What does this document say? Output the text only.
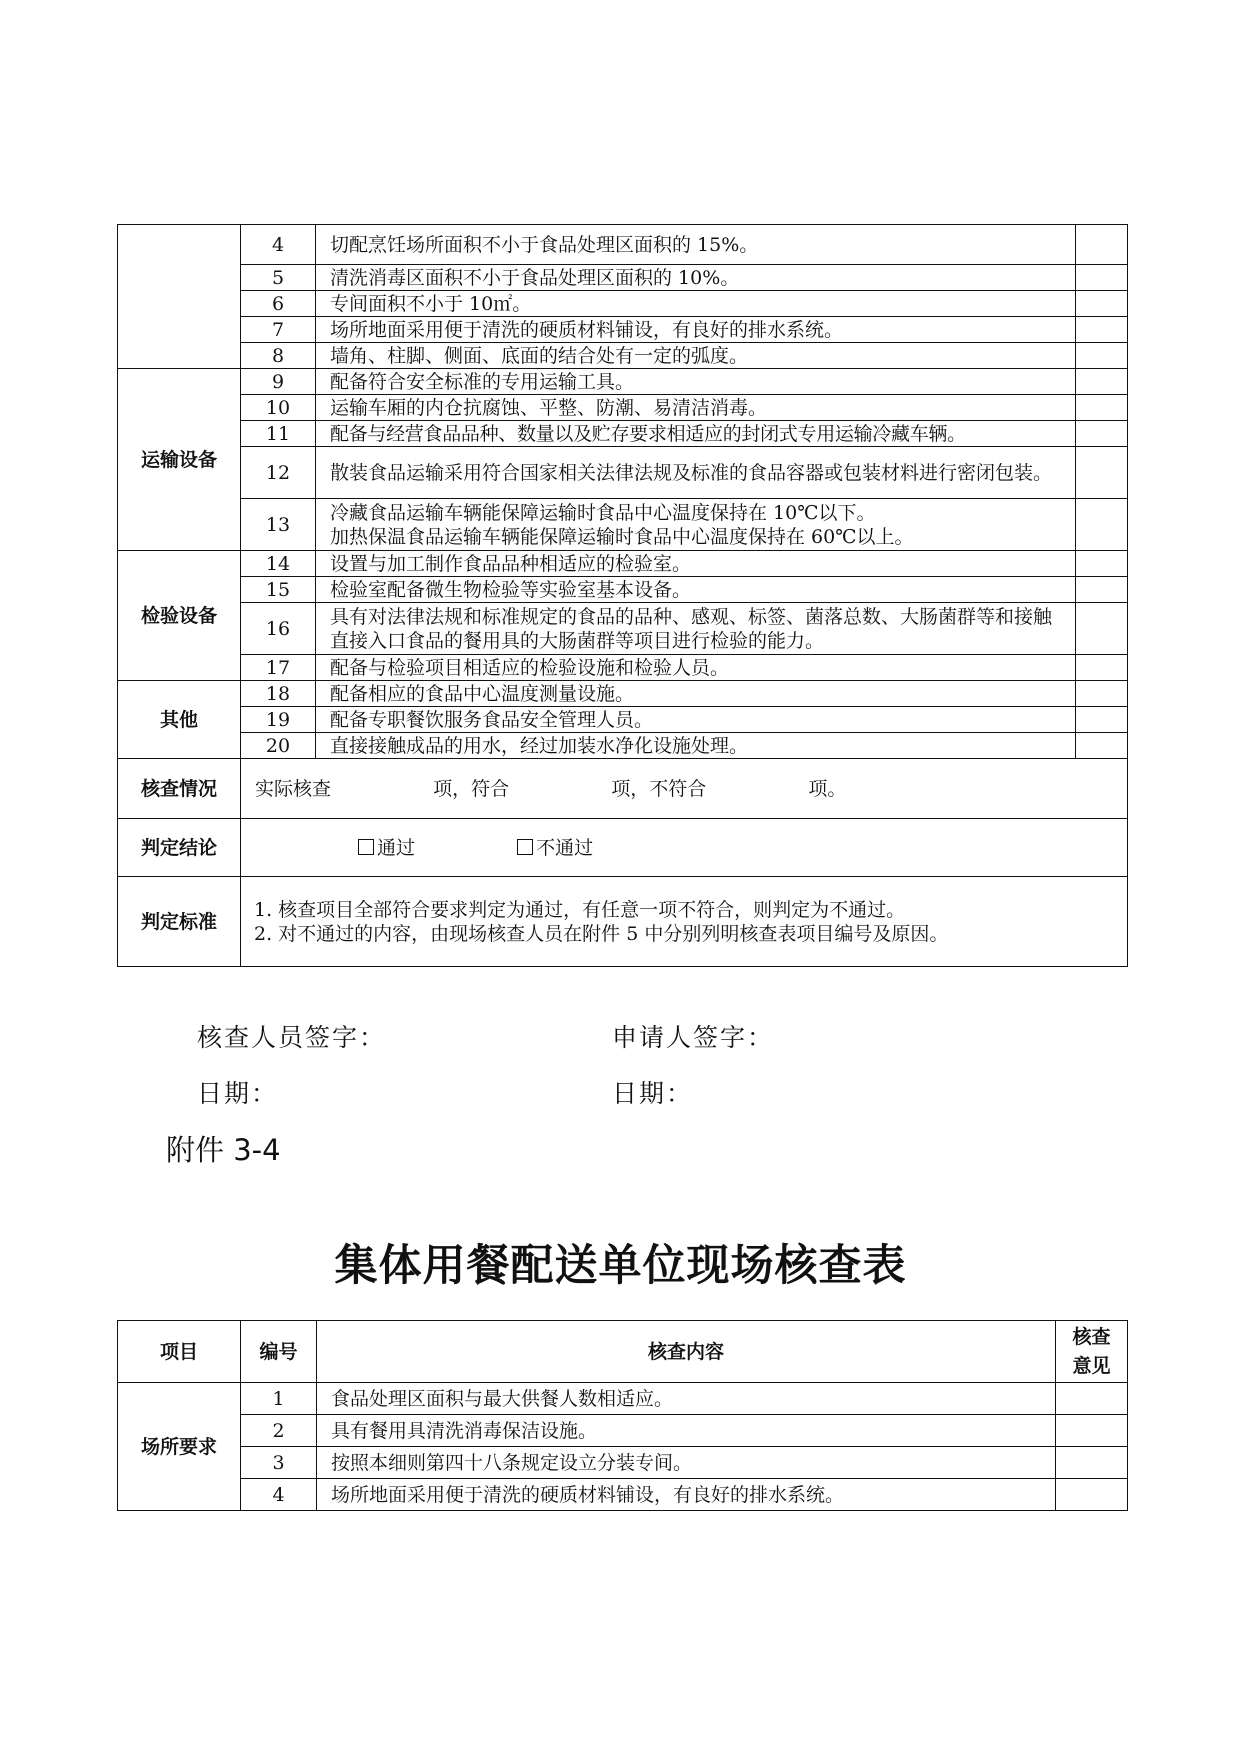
	4	切配烹饪场所面积不小于食品处理区面积的 15%。	
	5	清洗消毒区面积不小于食品处理区面积的 10%。	
	6	专间面积不小于 10㎡。	
	7	场所地面采用便于清洗的硬质材料铺设，有良好的排水系统。	
	8	墙角、柱脚、侧面、底面的结合处有一定的弧度。	
运输设备	9	配备符合安全标准的专用运输工具。	
	10	运输车厢的内仓抗腐蚀、平整、防潮、易清洁消毒。	
	11	配备与经营食品品种、数量以及贮存要求相适应的封闭式专用运输冷藏车辆。	
	12	散装食品运输采用符合国家相关法律法规及标准的食品容器或包装材料进行密闭包装。	
	13	冷藏食品运输车辆能保障运输时食品中心温度保持在 10℃以下。
加热保温食品运输车辆能保障运输时食品中心温度保持在 60℃以上。	

检验设备	14	设置与加工制作食品品种相适应的检验室。	
	15	检验室配备微生物检验等实验室基本设备。	
	16	具有对法律法规和标准规定的食品的品种、感观、标签、菌落总数、大肠菌群等和接触直接入口食品的餐用具的大肠菌群等项目进行检验的能力。	
	17	配备与检验项目相适应的检验设施和检验人员。	
其他	18	配备相应的食品中心温度测量设施。	
	19	配备专职餐饮服务食品安全管理人员。	
	20	直接接触成品的用水，经过加装水净化设施处理。	
核查情况	实际核查 项，符合 项，不符合 项。		
判定结论	通过 不通过		
判定标准	1. 核查项目全部符合要求判定为通过，有任意一项不符合，则判定为不通过。
2. 对不通过的内容，由现场核查人员在附件 5 中分别列明核查表项目编号及原因。		
核查人员签字：	申请人签字：
日期：	日期：
附件 3-4
集体用餐配送单位现场核查表
项目	编号	核查内容	核查
意见

场所要求	1	食品处理区面积与最大供餐人数相适应。	
	2	具有餐用具清洗消毒保洁设施。	
	3	按照本细则第四十八条规定设立分装专间。	
	4	场所地面采用便于清洗的硬质材料铺设，有良好的排水系统。	
